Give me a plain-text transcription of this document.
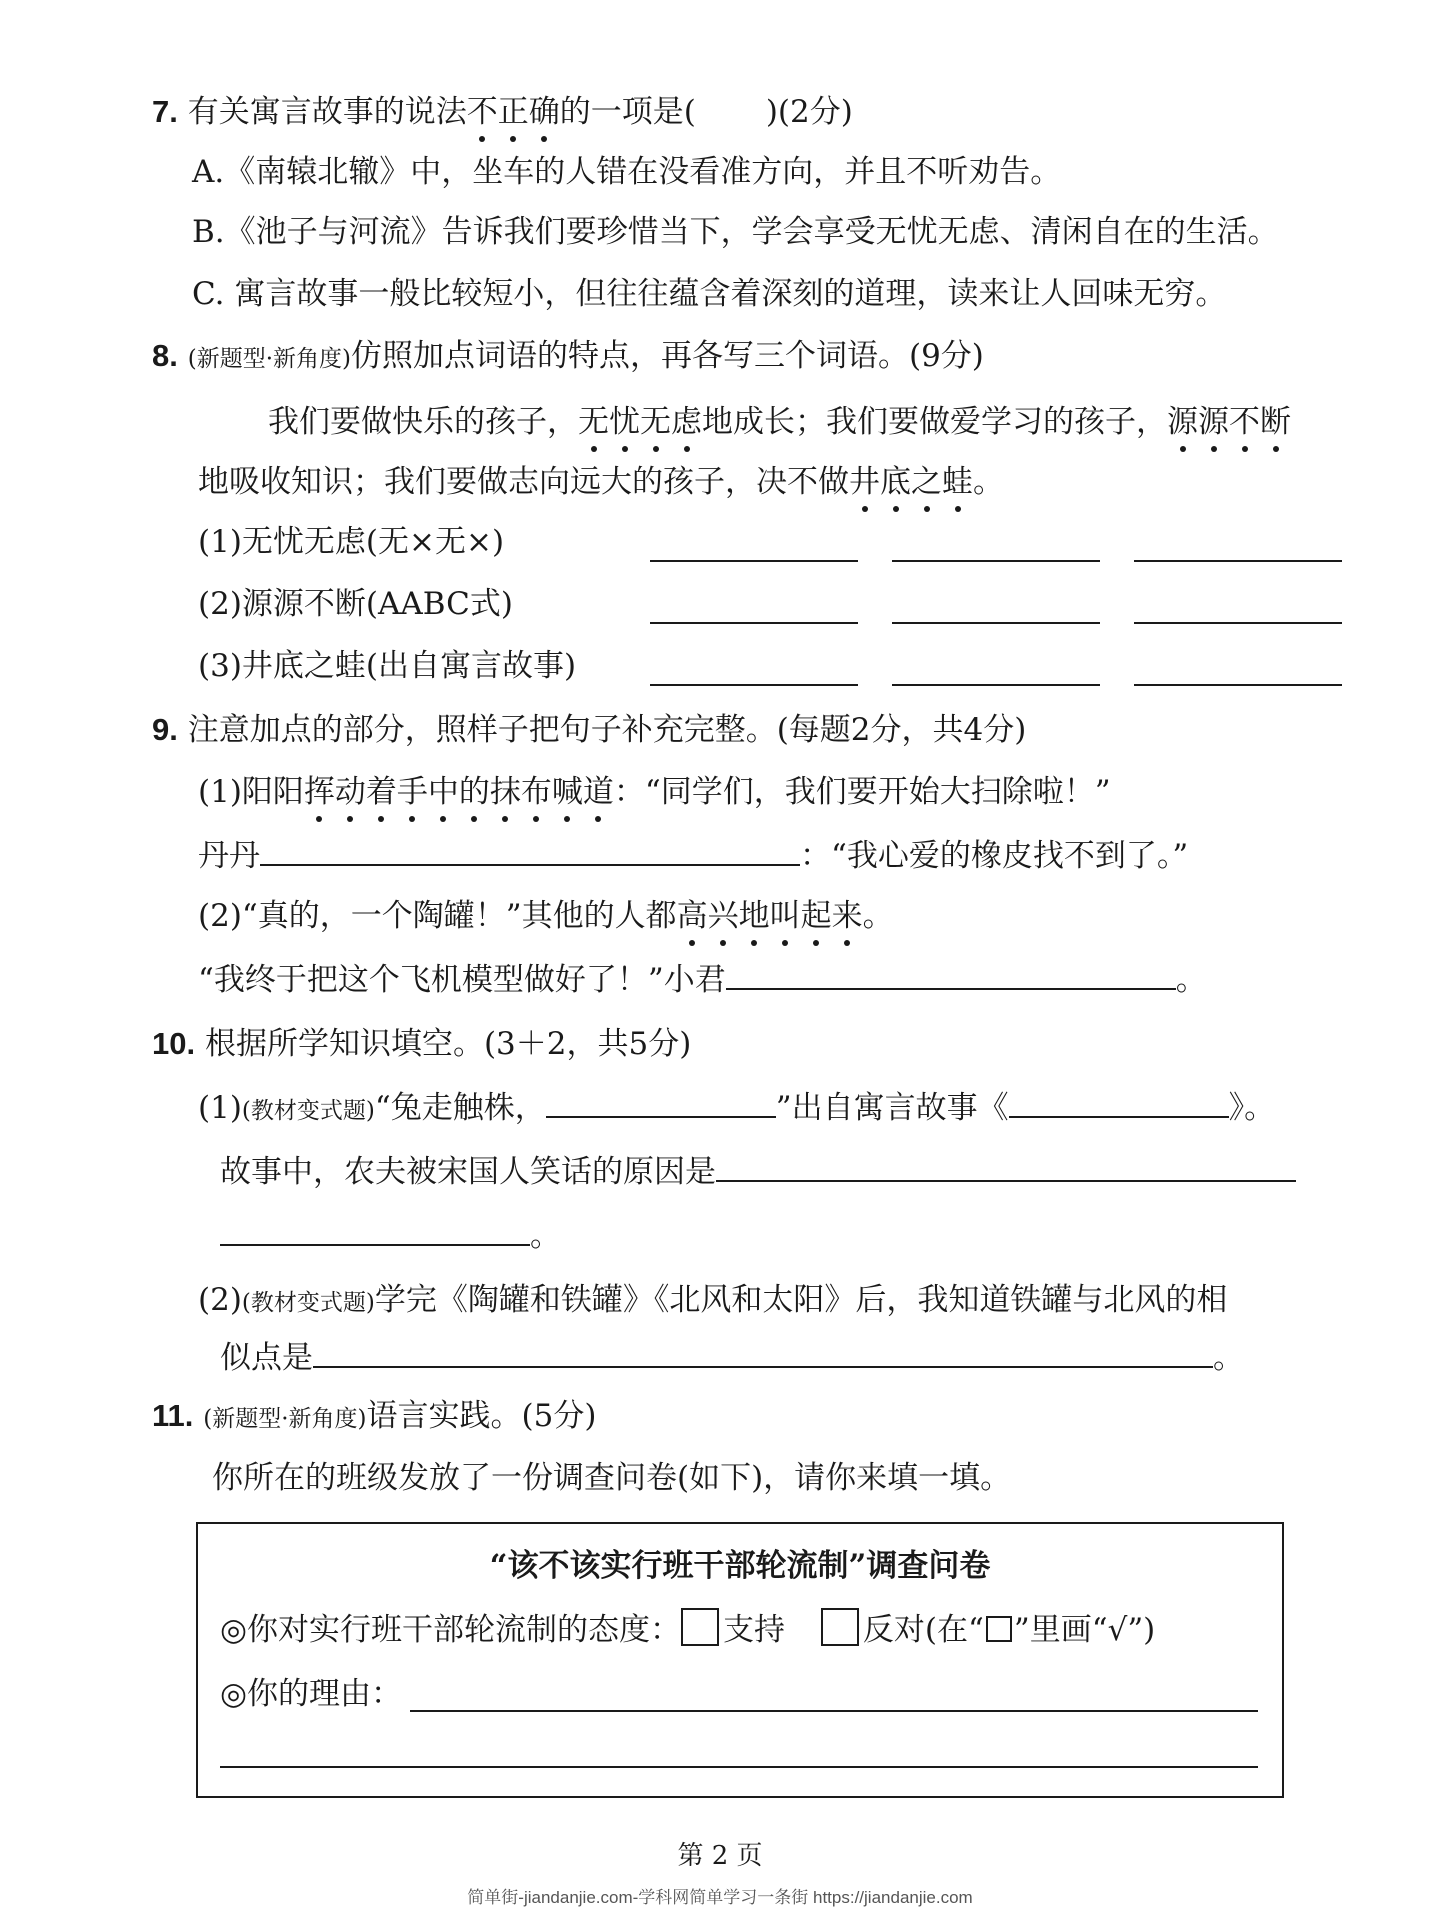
7. 有关寓言故事的说法不正确的一项是( )(2分)
A.《南辕北辙》中，坐车的人错在没看准方向，并且不听劝告。
B.《池子与河流》告诉我们要珍惜当下，学会享受无忧无虑、清闲自在的生活。
C. 寓言故事一般比较短小，但往往蕴含着深刻的道理，读来让人回味无穷。
8. (新题型·新角度)仿照加点词语的特点，再各写三个词语。(9分)
我们要做快乐的孩子，无忧无虑地成长；我们要做爱学习的孩子，源源不断
地吸收知识；我们要做志向远大的孩子，决不做井底之蛙。
(1)无忧无虑(无×无×)
(2)源源不断(AABC式)
(3)井底之蛙(出自寓言故事)
9. 注意加点的部分，照样子把句子补充完整。(每题2分，共4分)
(1)阳阳挥动着手中的抹布喊道：“同学们，我们要开始大扫除啦！”
丹丹	：“我心爱的橡皮找不到了。”
(2)“真的，一个陶罐！”其他的人都高兴地叫起来。
“我终于把这个飞机模型做好了！”小君	。
10. 根据所学知识填空。(3＋2，共5分)
(1)(教材变式题)“兔走触株，	”出自寓言故事《	》。
故事中，农夫被宋国人笑话的原因是
。
(2)(教材变式题)学完《陶罐和铁罐》《北风和太阳》后，我知道铁罐与北风的相
似点是	。
11. (新题型·新角度)语言实践。(5分)
你所在的班级发放了一份调查问卷(如下)，请你来填一填。
“该不该实行班干部轮流制”调查问卷
◎你对实行班干部轮流制的态度： 支持	反对(在“ ”里画“√”)
◎你的理由：
第 2 页
简单街-jiandanjie.com-学科网简单学习一条街 https://jiandanjie.com
